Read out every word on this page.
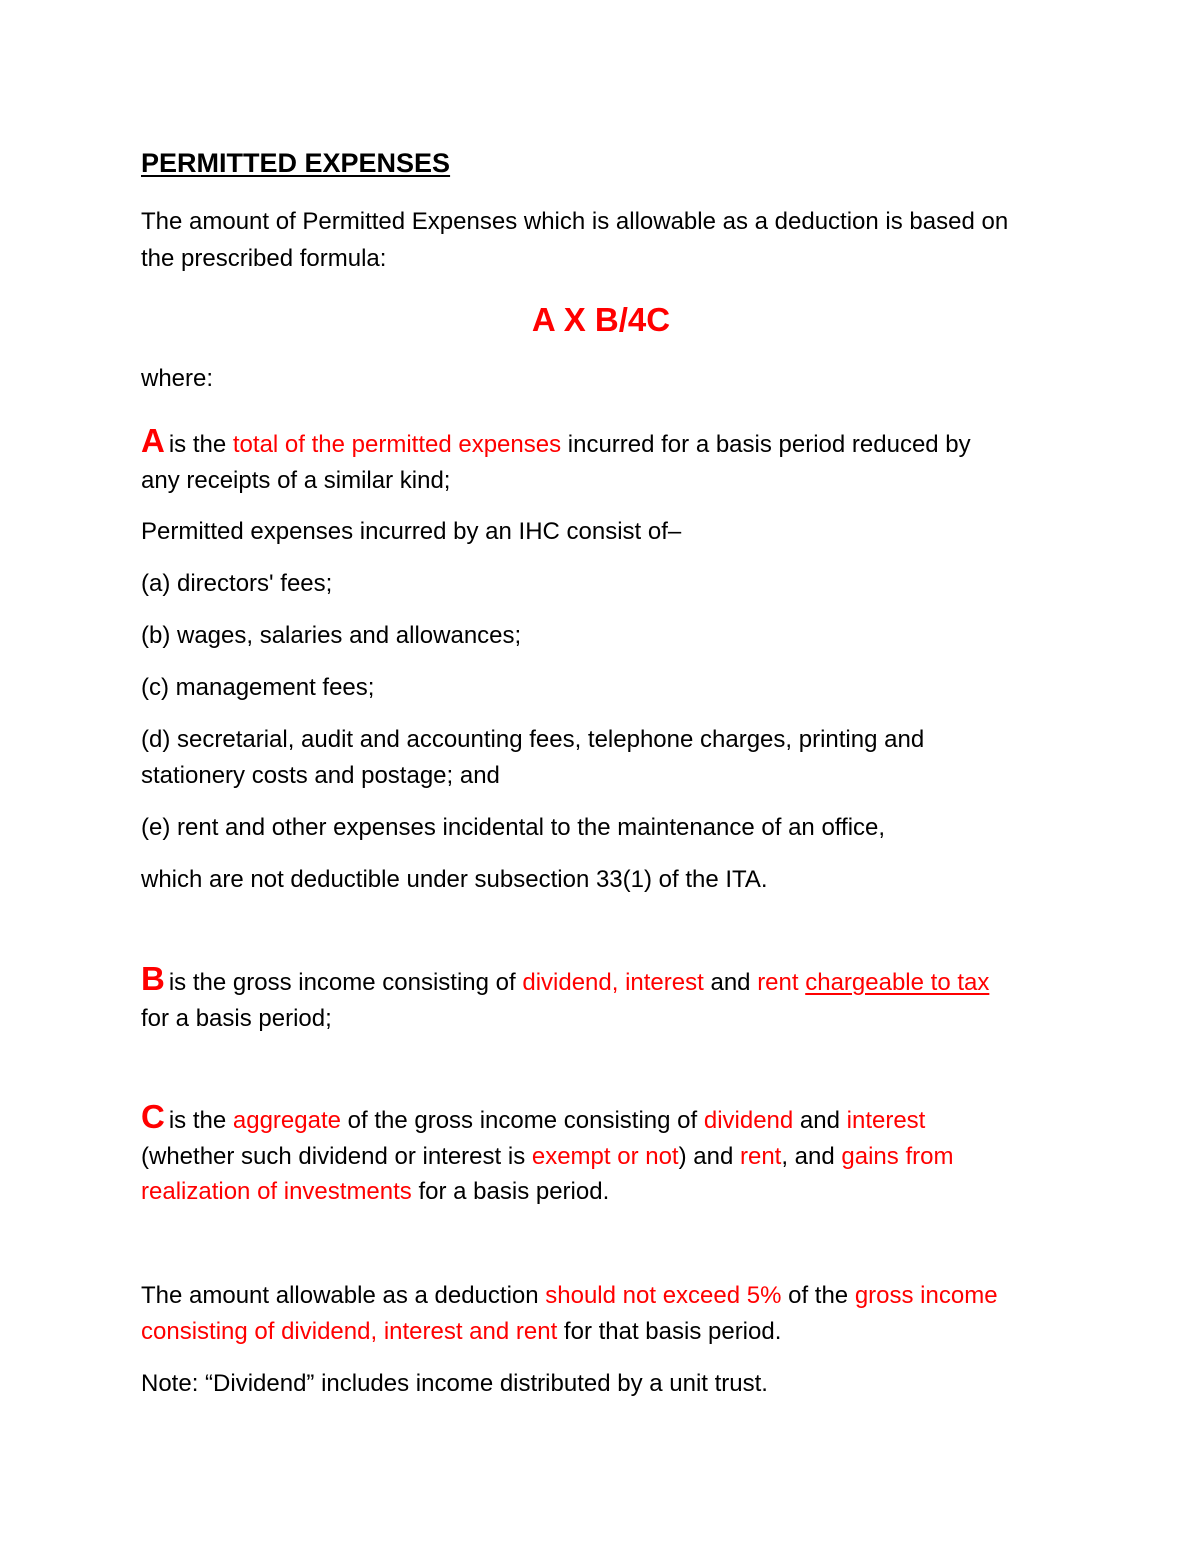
PERMITTED EXPENSES
The amount of Permitted Expenses which is allowable as a deduction is based on
the prescribed formula:
A X B/4C
where:
A is the total of the permitted expenses incurred for a basis period reduced by
any receipts of a similar kind;
Permitted expenses incurred by an IHC consist of–
(a) directors' fees;
(b) wages, salaries and allowances;
(c) management fees;
(d) secretarial, audit and accounting fees, telephone charges, printing and
stationery costs and postage; and
(e) rent and other expenses incidental to the maintenance of an office,
which are not deductible under subsection 33(1) of the ITA.
B is the gross income consisting of dividend, interest and rent chargeable to tax
for a basis period;
C is the aggregate of the gross income consisting of dividend and interest
(whether such dividend or interest is exempt or not) and rent, and gains from
realization of investments for a basis period.
The amount allowable as a deduction should not exceed 5% of the gross income
consisting of dividend, interest and rent for that basis period.
Note: “Dividend” includes income distributed by a unit trust.
